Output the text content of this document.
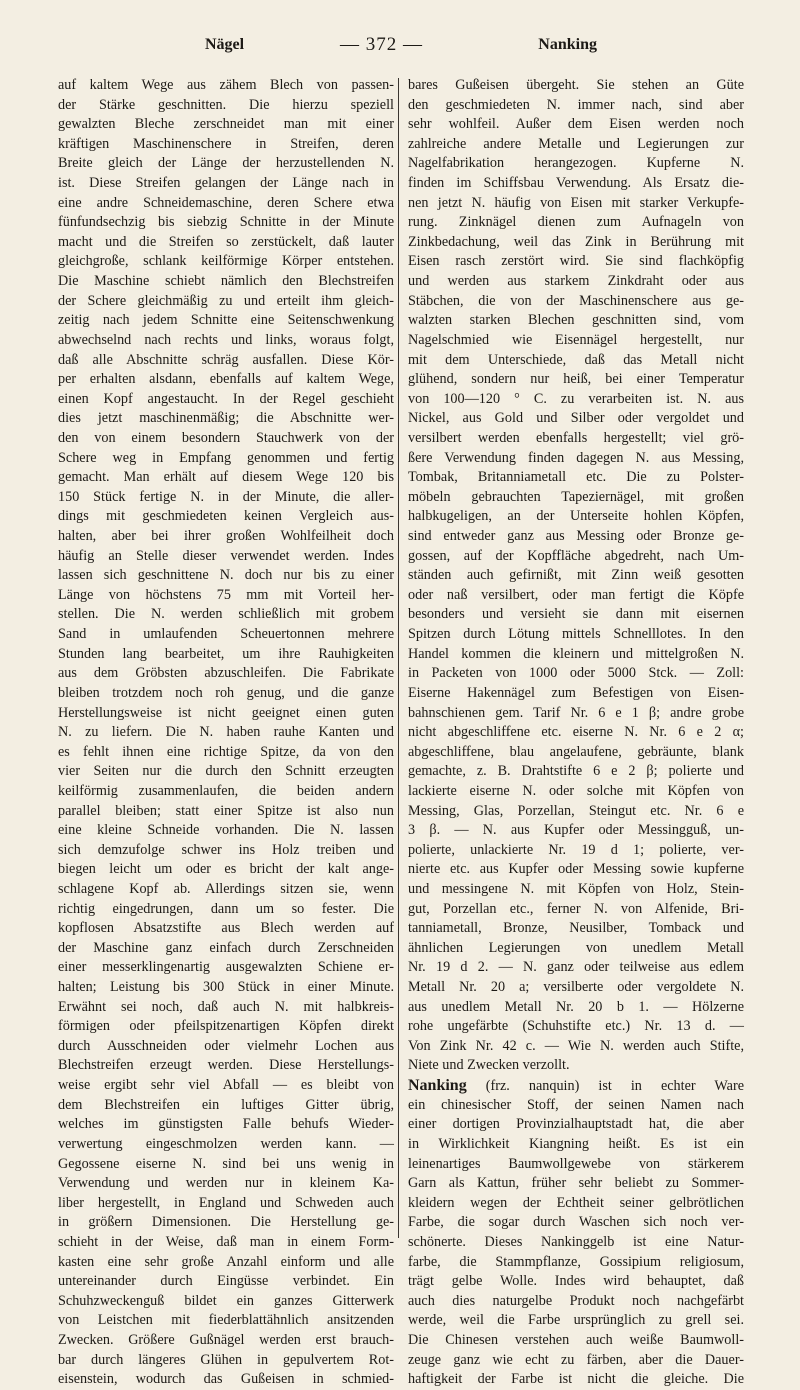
Nägel	— 372 —	Nanking
auf kaltem Wege aus zähem Blech von passen-
der Stärke geschnitten. Die hierzu speziell
gewalzten Bleche zerschneidet man mit einer
kräftigen Maschinenschere in Streifen, deren
Breite gleich der Länge der herzustellenden N.
ist. Diese Streifen gelangen der Länge nach in
eine andre Schneidemaschine, deren Schere etwa
fünfundsechzig bis siebzig Schnitte in der Minute
macht und die Streifen so zerstückelt, daß lauter
gleichgroße, schlank keilförmige Körper entstehen.
Die Maschine schiebt nämlich den Blechstreifen
der Schere gleichmäßig zu und erteilt ihm gleich-
zeitig nach jedem Schnitte eine Seitenschwenkung
abwechselnd nach rechts und links, woraus folgt,
daß alle Abschnitte schräg ausfallen. Diese Kör-
per erhalten alsdann, ebenfalls auf kaltem Wege,
einen Kopf angestaucht. In der Regel geschieht
dies jetzt maschinenmäßig; die Abschnitte wer-
den von einem besondern Stauchwerk von der
Schere weg in Empfang genommen und fertig
gemacht. Man erhält auf diesem Wege 120 bis
150 Stück fertige N. in der Minute, die aller-
dings mit geschmiedeten keinen Vergleich aus-
halten, aber bei ihrer großen Wohlfeilheit doch
häufig an Stelle dieser verwendet werden. Indes
lassen sich geschnittene N. doch nur bis zu einer
Länge von höchstens 75 mm mit Vorteil her-
stellen. Die N. werden schließlich mit grobem
Sand in umlaufenden Scheuertonnen mehrere
Stunden lang bearbeitet, um ihre Rauhigkeiten
aus dem Gröbsten abzuschleifen. Die Fabrikate
bleiben trotzdem noch roh genug, und die ganze
Herstellungsweise ist nicht geeignet einen guten
N. zu liefern. Die N. haben rauhe Kanten und
es fehlt ihnen eine richtige Spitze, da von den
vier Seiten nur die durch den Schnitt erzeugten
keilförmig zusammenlaufen, die beiden andern
parallel bleiben; statt einer Spitze ist also nun
eine kleine Schneide vorhanden. Die N. lassen
sich demzufolge schwer ins Holz treiben und
biegen leicht um oder es bricht der kalt ange-
schlagene Kopf ab. Allerdings sitzen sie, wenn
richtig eingedrungen, dann um so fester. Die
kopflosen Absatzstifte aus Blech werden auf
der Maschine ganz einfach durch Zerschneiden
einer messerklingenartig ausgewalzten Schiene er-
halten; Leistung bis 300 Stück in einer Minute.
Erwähnt sei noch, daß auch N. mit halbkreis-
förmigen oder pfeilspitzenartigen Köpfen direkt
durch Ausschneiden oder vielmehr Lochen aus
Blechstreifen erzeugt werden. Diese Herstellungs-
weise ergibt sehr viel Abfall — es bleibt von
dem Blechstreifen ein luftiges Gitter übrig,
welches im günstigsten Falle behufs Wieder-
verwertung eingeschmolzen werden kann. —
Gegossene eiserne N. sind bei uns wenig in
Verwendung und werden nur in kleinem Ka-
liber hergestellt, in England und Schweden auch
in größern Dimensionen. Die Herstellung ge-
schieht in der Weise, daß man in einem Form-
kasten eine sehr große Anzahl einform und alle
untereinander durch Eingüsse verbindet. Ein
Schuhzweckenguß bildet ein ganzes Gitterwerk
von Leistchen mit fiederblattähnlich ansitzenden
Zwecken. Größere Gußnägel werden erst brauch-
bar durch längeres Glühen in gepulvertem Rot-
eisenstein, wodurch das Gußeisen in schmied-
bares Gußeisen übergeht. Sie stehen an Güte
den geschmiedeten N. immer nach, sind aber
sehr wohlfeil. Außer dem Eisen werden noch
zahlreiche andere Metalle und Legierungen zur
Nagelfabrikation herangezogen. Kupferne N.
finden im Schiffsbau Verwendung. Als Ersatz die-
nen jetzt N. häufig von Eisen mit starker Verkupfe-
rung. Zinknägel dienen zum Aufnageln von
Zinkbedachung, weil das Zink in Berührung mit
Eisen rasch zerstört wird. Sie sind flachköpfig
und werden aus starkem Zinkdraht oder aus
Stäbchen, die von der Maschinenschere aus ge-
walzten starken Blechen geschnitten sind, vom
Nagelschmied wie Eisennägel hergestellt, nur
mit dem Unterschiede, daß das Metall nicht
glühend, sondern nur heiß, bei einer Temperatur
von 100—120 ° C. zu verarbeiten ist. N. aus
Nickel, aus Gold und Silber oder vergoldet und
versilbert werden ebenfalls hergestellt; viel grö-
ßere Verwendung finden dagegen N. aus Messing,
Tombak, Britanniametall etc. Die zu Polster-
möbeln gebrauchten Tapeziernägel, mit großen
halbkugeligen, an der Unterseite hohlen Köpfen,
sind entweder ganz aus Messing oder Bronze ge-
gossen, auf der Kopffläche abgedreht, nach Um-
ständen auch gefirnißt, mit Zinn weiß gesotten
oder naß versilbert, oder man fertigt die Köpfe
besonders und versieht sie dann mit eisernen
Spitzen durch Lötung mittels Schnelllotes. In den
Handel kommen die kleinern und mittelgroßen N.
in Packeten von 1000 oder 5000 Stck. — Zoll:
Eiserne Hakennägel zum Befestigen von Eisen-
bahnschienen gem. Tarif Nr. 6 e 1 β; andre grobe
nicht abgeschliffene etc. eiserne N. Nr. 6 e 2 α;
abgeschliffene, blau angelaufene, gebräunte, blank
gemachte, z. B. Drahtstifte 6 e 2 β; polierte und
lackierte eiserne N. oder solche mit Köpfen von
Messing, Glas, Porzellan, Steingut etc. Nr. 6 e
3 β. — N. aus Kupfer oder Messingguß, un-
polierte, unlackierte Nr. 19 d 1; polierte, ver-
nierte etc. aus Kupfer oder Messing sowie kupferne
und messingene N. mit Köpfen von Holz, Stein-
gut, Porzellan etc., ferner N. von Alfenide, Bri-
tanniametall, Bronze, Neusilber, Tomback und
ähnlichen Legierungen von unedlem Metall
Nr. 19 d 2. — N. ganz oder teilweise aus edlem
Metall Nr. 20 a; versilberte oder vergoldete N.
aus unedlem Metall Nr. 20 b 1. — Hölzerne
rohe ungefärbte (Schuhstifte etc.) Nr. 13 d. —
Von Zink Nr. 42 c. — Wie N. werden auch Stifte,
Niete und Zwecken verzollt.
Nanking (frz. nanquin) ist in echter Ware
ein chinesischer Stoff, der seinen Namen nach
einer dortigen Provinzialhauptstadt hat, die aber
in Wirklichkeit Kiangning heißt. Es ist ein
leinenartiges Baumwollgewebe von stärkerem
Garn als Kattun, früher sehr beliebt zu Sommer-
kleidern wegen der Echtheit seiner gelbrötlichen
Farbe, die sogar durch Waschen sich noch ver-
schönerte. Dieses Nankinggelb ist eine Natur-
farbe, die Stammpflanze, Gossipium religiosum,
trägt gelbe Wolle. Indes wird behauptet, daß
auch dies naturgelbe Produkt noch nachgefärbt
werde, weil die Farbe ursprünglich zu grell sei.
Die Chinesen verstehen auch weiße Baumwoll-
zeuge ganz wie echt zu färben, aber die Dauer-
haftigkeit der Farbe ist nicht die gleiche. Die
